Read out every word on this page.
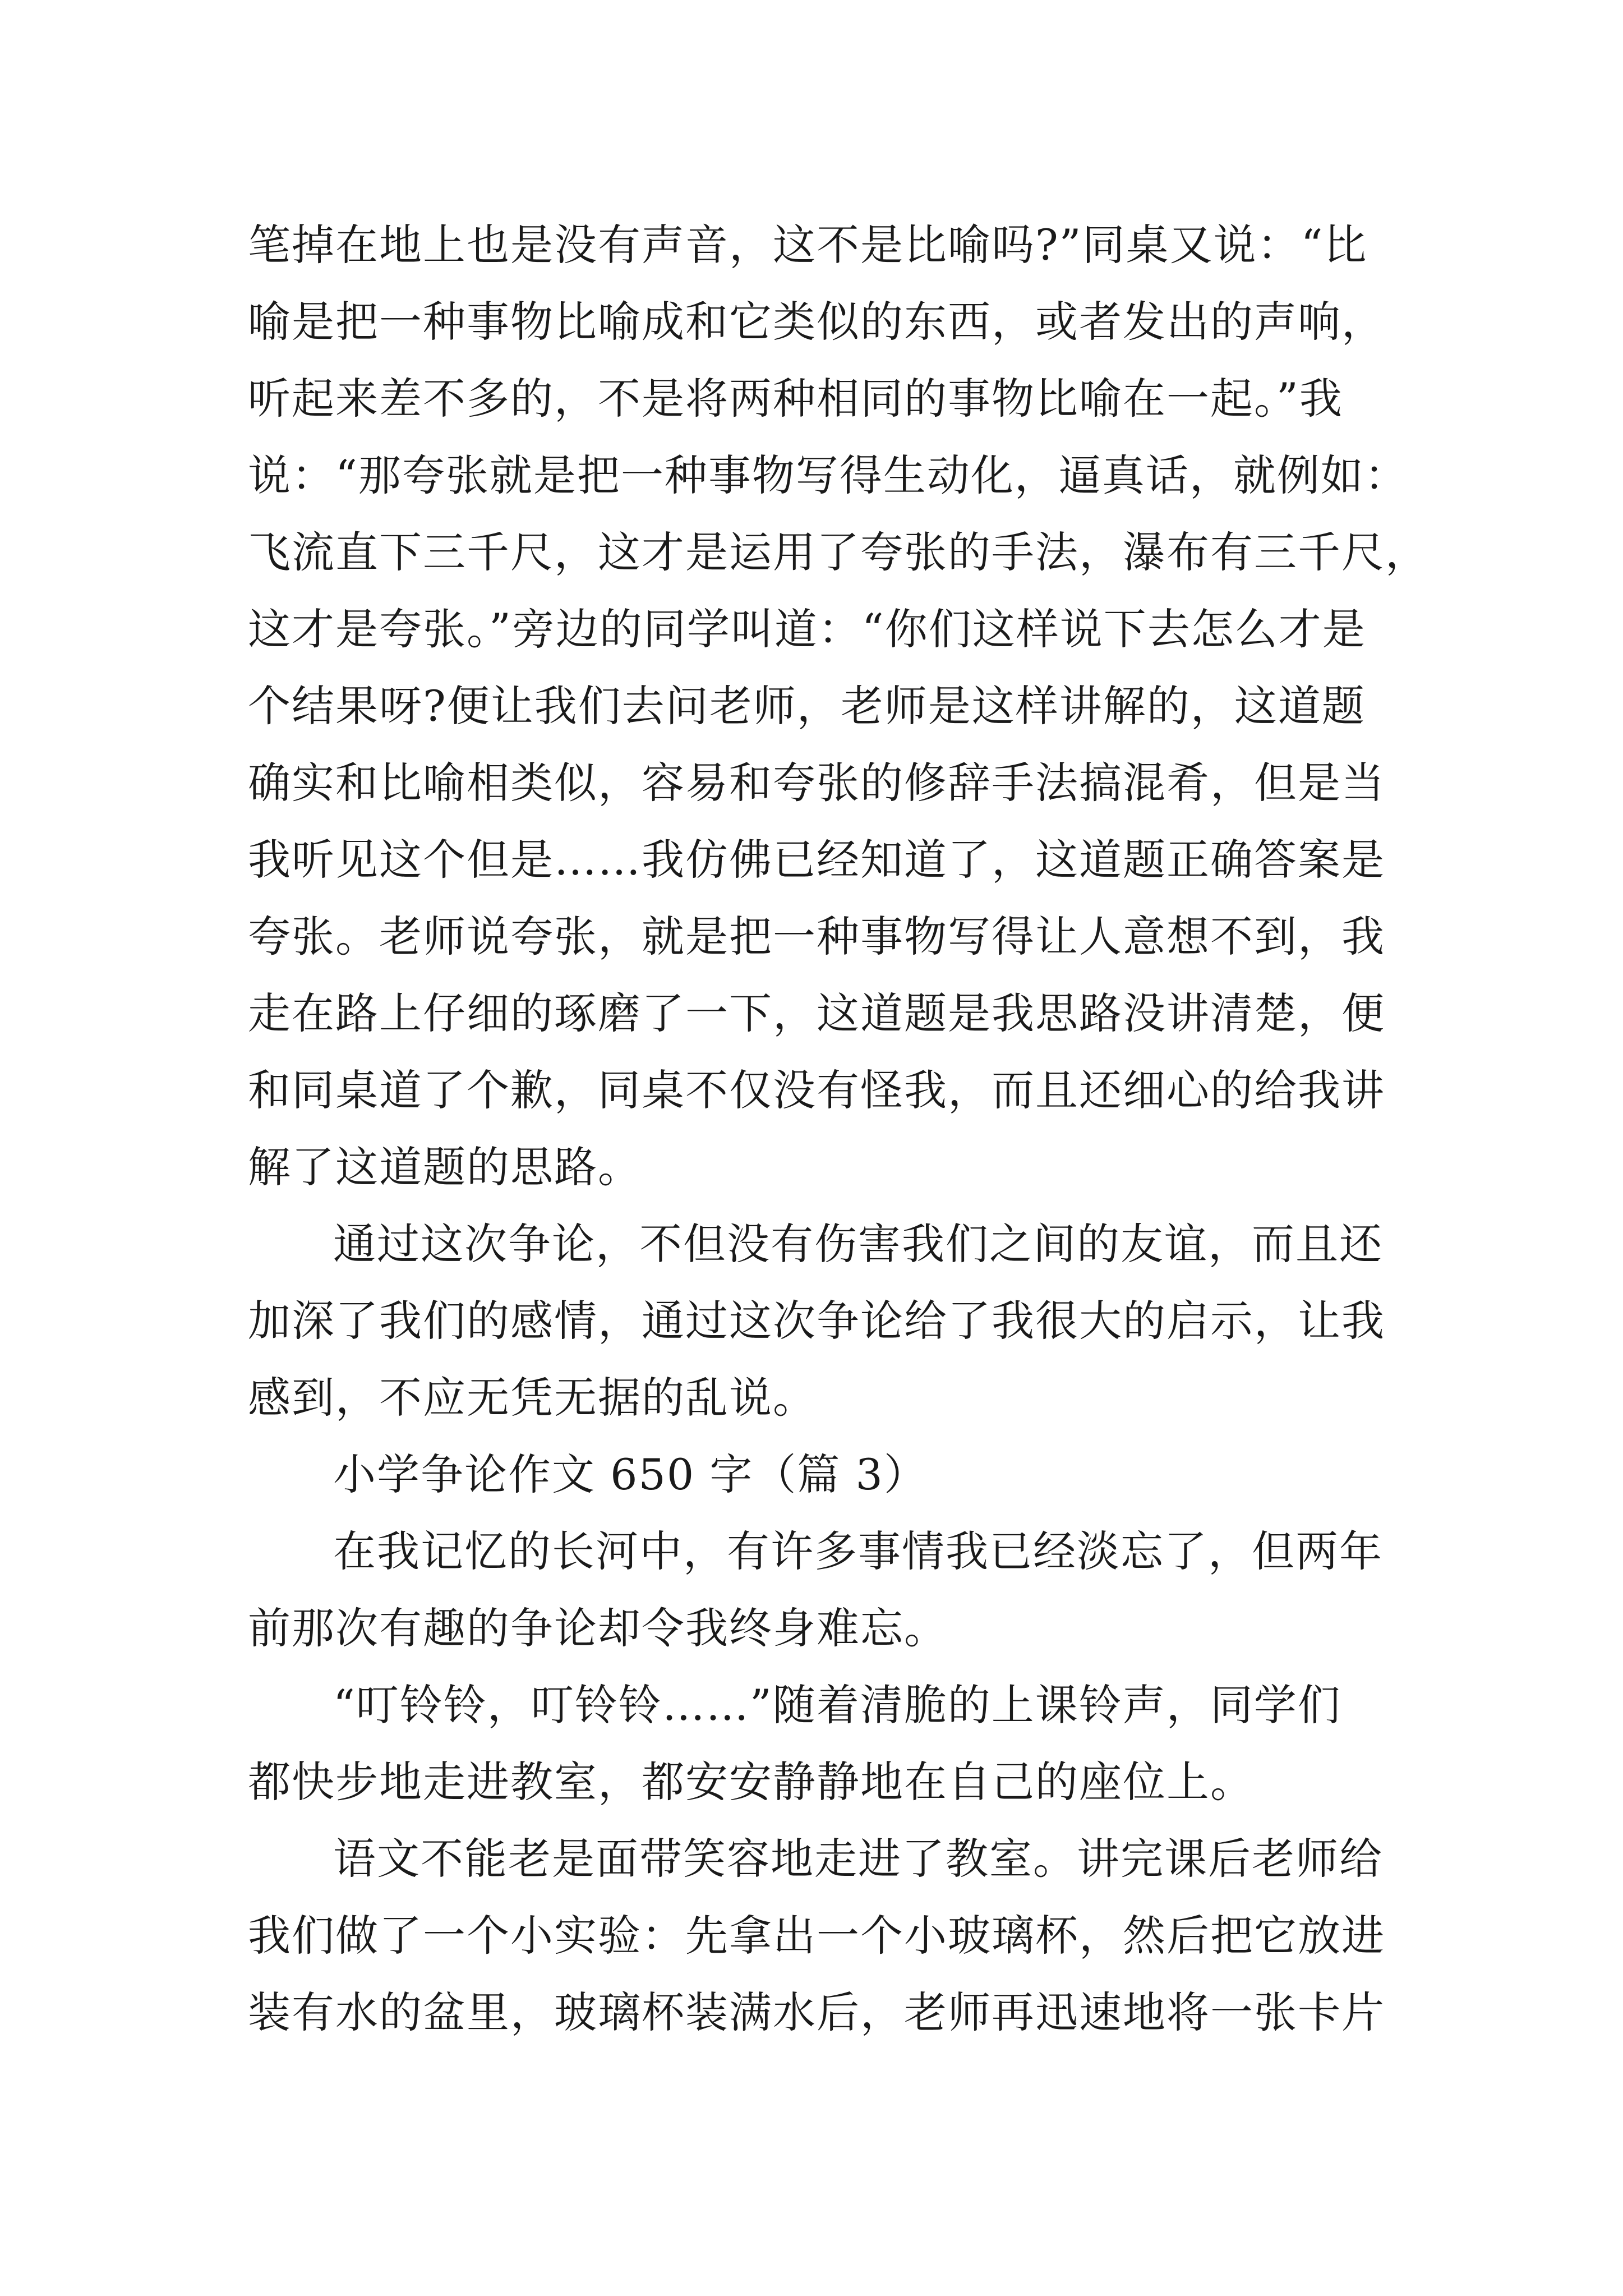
笔掉在地上也是没有声音，这不是比喻吗?”同桌又说：“比
喻是把一种事物比喻成和它类似的东西，或者发出的声响，
听起来差不多的，不是将两种相同的事物比喻在一起。”我
说：“那夸张就是把一种事物写得生动化，逼真话，就例如：
飞流直下三千尺，这才是运用了夸张的手法，瀑布有三千尺，
这才是夸张。”旁边的同学叫道：“你们这样说下去怎么才是
个结果呀?便让我们去问老师，老师是这样讲解的，这道题
确实和比喻相类似，容易和夸张的修辞手法搞混肴，但是当
我听见这个但是……我仿佛已经知道了，这道题正确答案是
夸张。老师说夸张，就是把一种事物写得让人意想不到，我
走在路上仔细的琢磨了一下，这道题是我思路没讲清楚，便
和同桌道了个歉，同桌不仅没有怪我，而且还细心的给我讲
解了这道题的思路。
通过这次争论，不但没有伤害我们之间的友谊，而且还
加深了我们的感情，通过这次争论给了我很大的启示，让我
感到，不应无凭无据的乱说。
小学争论作文 650 字（篇 3）
在我记忆的长河中，有许多事情我已经淡忘了，但两年
前那次有趣的争论却令我终身难忘。
“叮铃铃，叮铃铃……”随着清脆的上课铃声，同学们
都快步地走进教室，都安安静静地在自己的座位上。
语文不能老是面带笑容地走进了教室。讲完课后老师给
我们做了一个小实验：先拿出一个小玻璃杯，然后把它放进
装有水的盆里，玻璃杯装满水后，老师再迅速地将一张卡片
